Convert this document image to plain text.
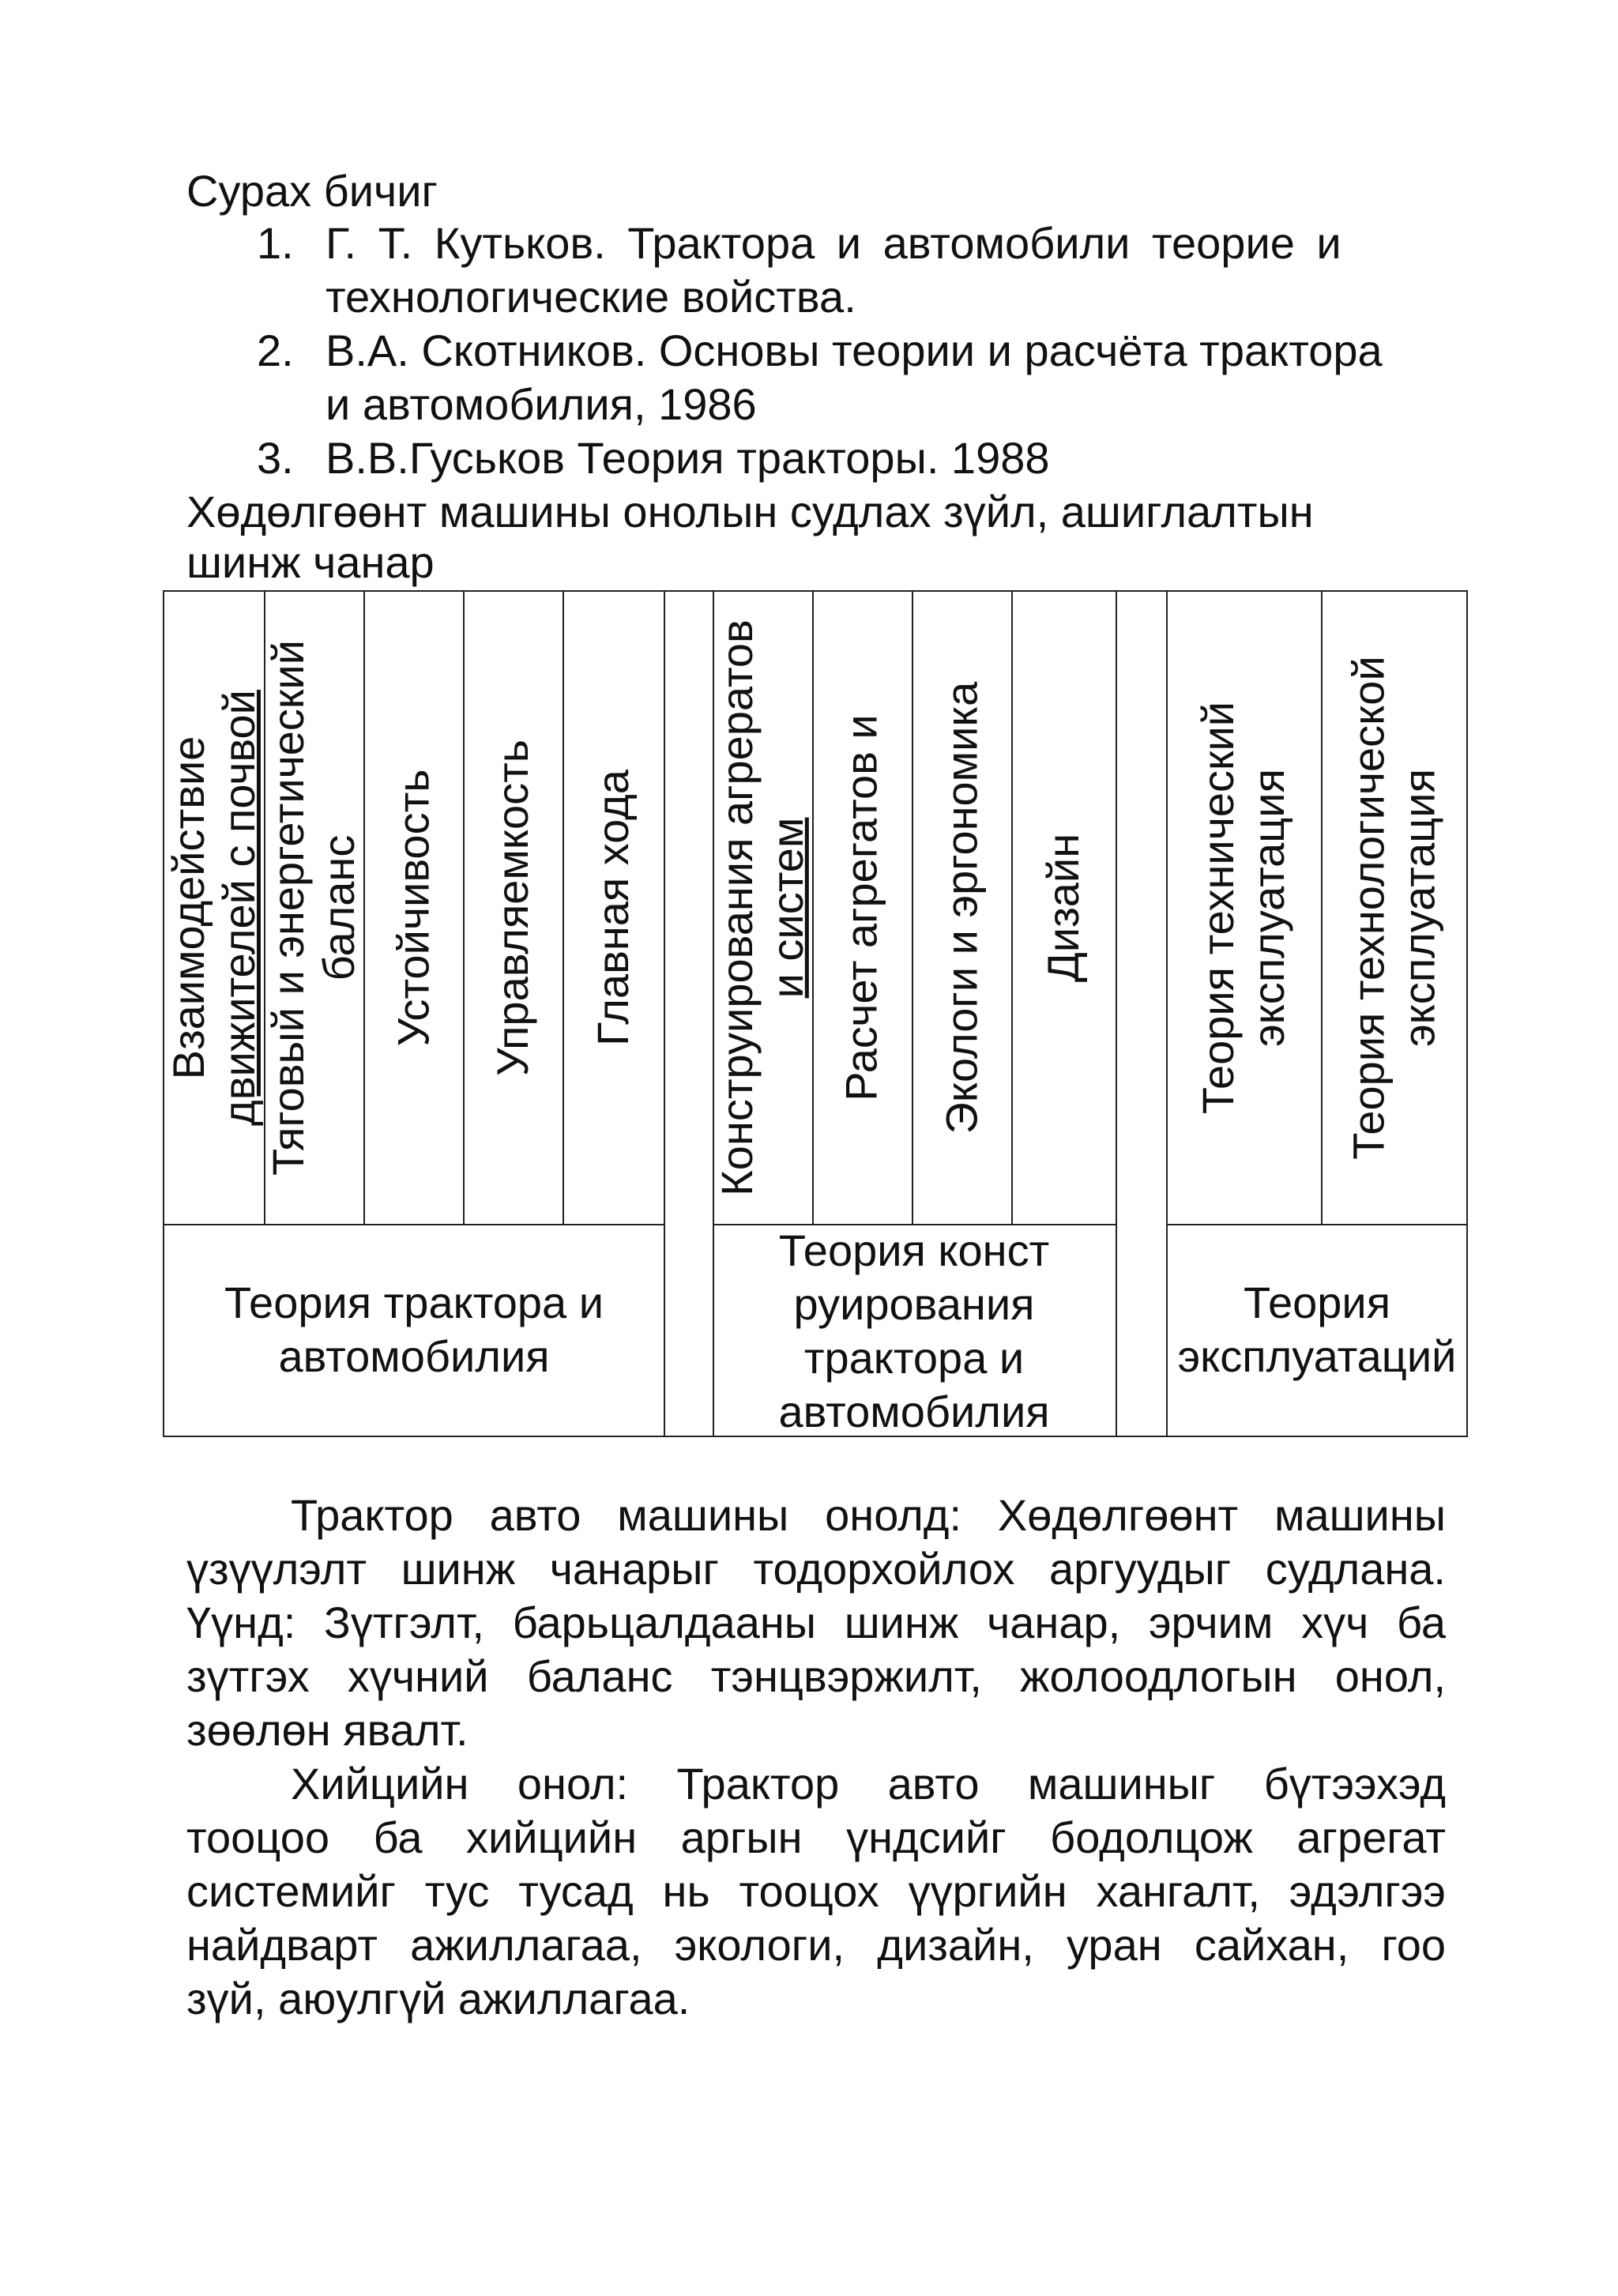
Сурах бичиг
1. Г. Т. Кутьков. Трактора и автомобили теорие и
технологические войства.
2. В.А. Скотников. Основы теории и расчёта трактора
и автомобилия, 1986
3. В.В.Гуськов Теория тракторы. 1988
Хөдөлгөөнт машины онолын судлах зүйл, ашиглалтын
шинж чанар
Взаимодействие движителей с почвой Тяговый и энергетический баланс Устойчивость Управляемкость Главная хода Конструирования агрератов и систем Расчет агрегатов и Экологи и эргономика Дизайн Теория технический эксплуатация Теория технологической эксплуатация
Теория трактора и
автомобилия
Теория конст
руирования
трактора и
автомобилия
Теория
эксплуатаций
Трактор авто машины онолд: Хөдөлгөөнт машины
үзүүлэлт шинж чанарыг тодорхойлох аргуудыг судлана.
Үүнд: Зүтгэлт, барьцалдааны шинж чанар, эрчим хүч ба
зүтгэх хүчний баланс тэнцвэржилт, жолоодлогын онол,
зөөлөн явалт.
Хийцийн онол: Трактор авто машиныг бүтээхэд
тооцоо ба хийцийн аргын үндсийг бодолцож агрегат
системийг тус тусад нь тооцох үүргийн хангалт, эдэлгээ
найдварт ажиллагаа, экологи, дизайн, уран сайхан, гоо
зүй, аюулгүй ажиллагаа.
